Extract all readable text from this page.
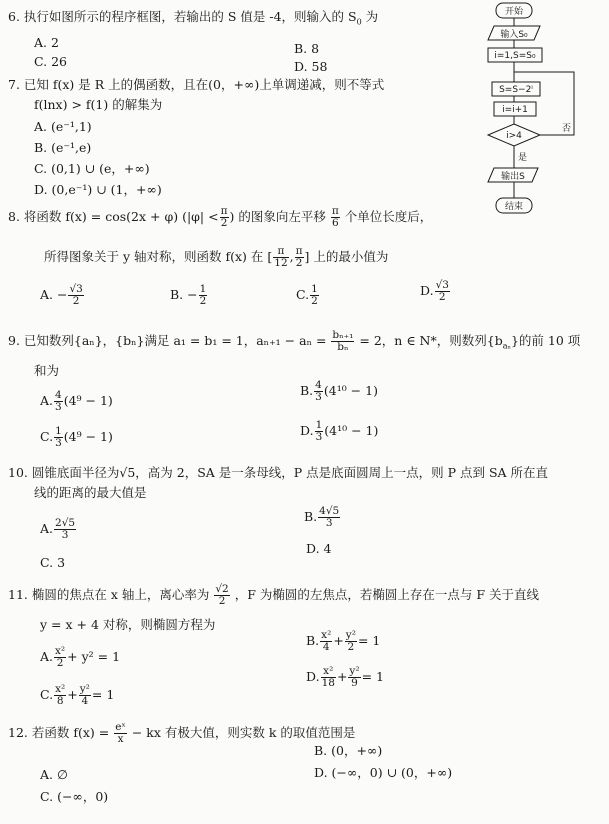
6. 执行如图所示的程序框图，若输出的 S 值是 -4，则输入的 $S_0$ 为
A. 2	B. 8
C. 26	D. 58
7. 已知 f(x) 是 R 上的偶函数，且在(0，+∞)上单调递减，则不等式
f(lnx) > f(1) 的解集为
A. (e⁻¹,1)
B. (e⁻¹,e)
C. (0,1) ∪ (e，+∞)
D. (0,e⁻¹) ∪ (1，+∞)
8. 将函数 f(x) = cos(2x + φ) ($|\varphi| < \frac{\pi}{2}$ ) 的图象向左平移 $\frac{\pi}{6}$ 个单位长度后，
所得图象关于 y 轴对称，则函数 f(x) 在 [ $\frac{\pi}{12}$ , $\frac{\pi}{2}$ ] 上的最小值为
A. − $\frac{√3}{2}$	B. − $\frac{1}{2}$	C. $\frac{1}{2}$	D. $\frac{√3}{2}$
9. 已知数列{aₙ}，{bₙ}满足 a₁ = b₁ = 1，$a_{n+1} - a_n = \frac{\text{bₙ₊₁}}{\text{bₙ}} = 2$，n ∈ N*，则数列$\{b_{a_n}\}$的前 10 项
和为
A. $\frac{4}{3} (4^9 - 1)$
B. $\frac{4}{3} (4^{10} - 1)$
C. $\frac{1}{3} (4^9 - 1)$	D. $\frac{1}{3} (4^{10} - 1)$
10. 圆锥底面半径为√5，高为 2，SA 是一条母线，P 点是底面圆周上一点，则 P 点到 SA 所在直
线的距离的最大值是
A. $\frac{2√5}{3}$
B. $\frac{4√5}{3}$
D. 4
C. 3
11. 椭圆的焦点在 x 轴上，离心率为 $\frac{√2}{2}$ ，F 为椭圆的左焦点，若椭圆上存在一点与 F 关于直线
y = x + 4 对称，则椭圆方程为
B. $\frac{\text{x²}}{4} + \frac{\text{y²}}{2} = 1$
A. $\frac{\text{x²}}{2} + y^2 = 1$
D. $\frac{\text{x²}}{18} + \frac{\text{y²}}{9} = 1$
C. $\frac{\text{x²}}{8} + \frac{\text{y²}}{4} = 1$
12. 若函数 $f(x) = \frac{\text{eˣ}}{x}$ − kx 有极大值，则实数 k 的取值范围是
B. (0，+∞)
A. ∅	D. (−∞，0) ∪ (0，+∞)
C. (−∞，0)
开始
输入S₀
i=1,S=S₀
S=S−2ⁱ
i=i+1
i>4
否
是
输出S
结束
